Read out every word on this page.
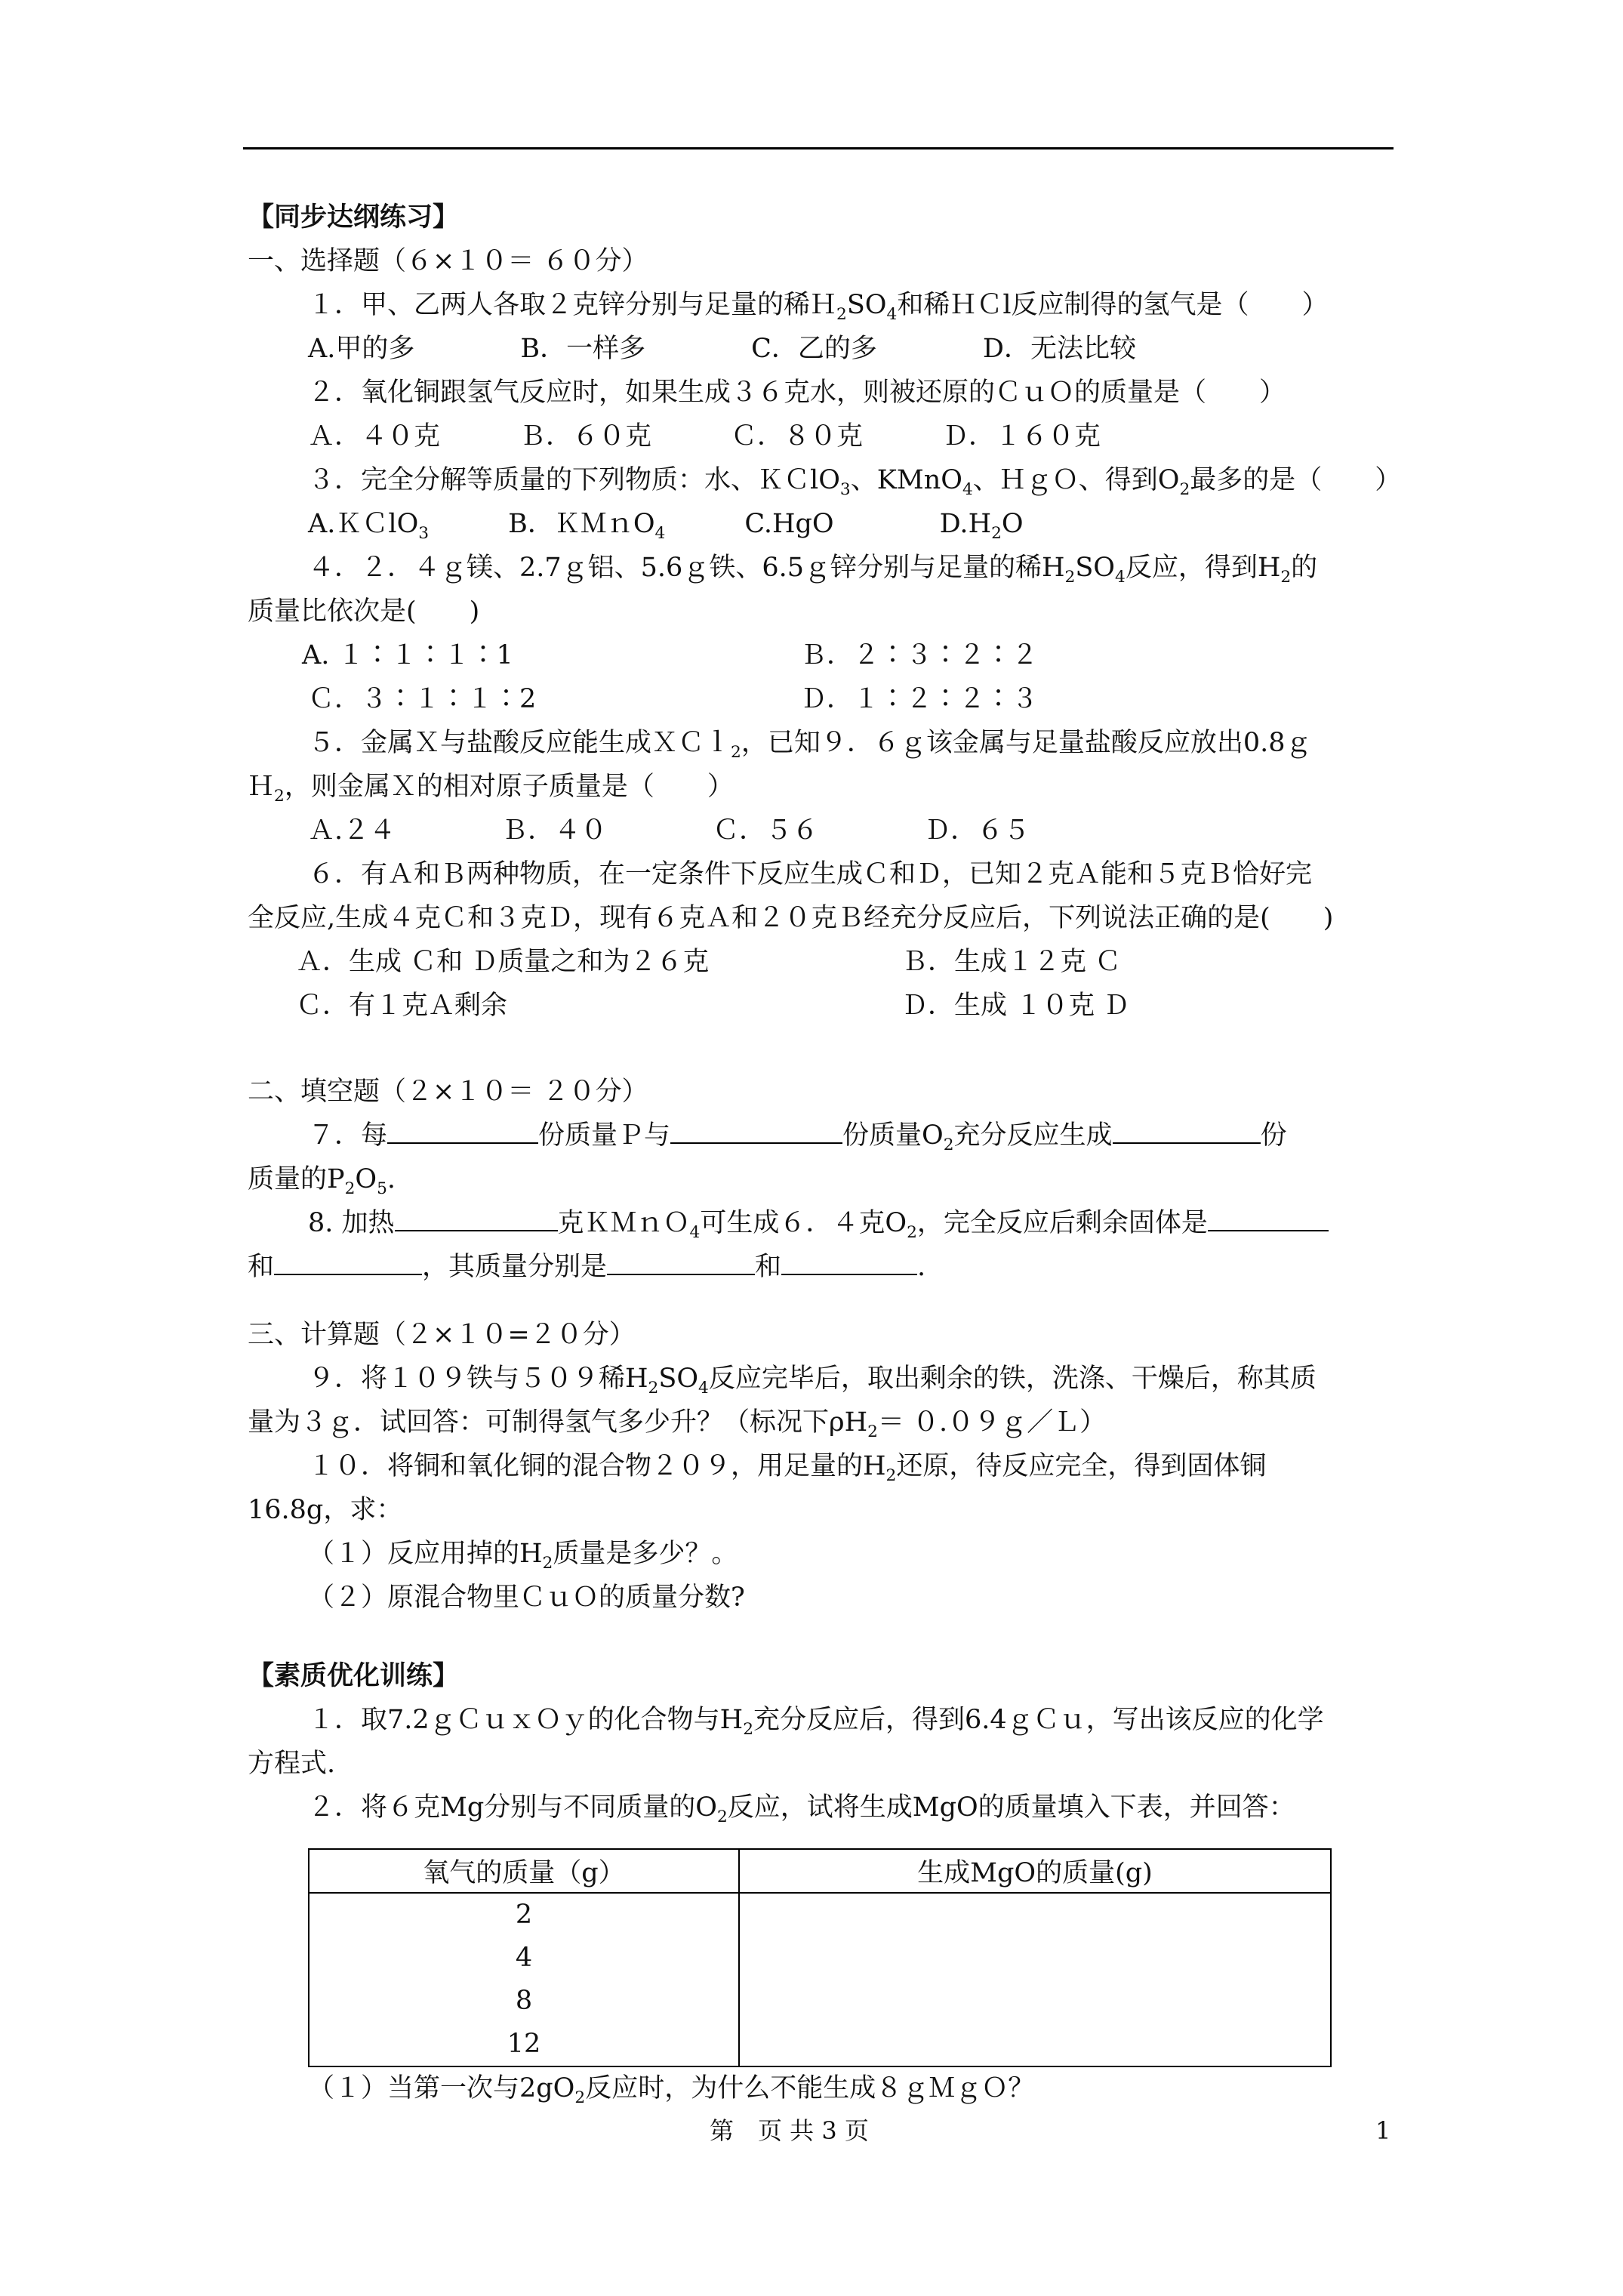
【同步达纲练习】
一、选择题（６×１０＝ ６０分）
１．甲、乙两人各取２克锌分别与足量的稀$H_2SO_4$和稀ＨＣl反应制得的氢气是（　　）
A.甲的多　　　　B．一样多　　　　C．乙的多　　　　D．无法比较
２．氧化铜跟氢气反应时，如果生成３６克水，则被还原的ＣｕＯ的质量是（　　）
Ａ．４０克　　　Ｂ．６０克　　　Ｃ．８０克　　　Ｄ．１６０克
３．完全分解等质量的下列物质：水、ＫＣlO$_3$、KMnO$_4$、ＨｇＯ、得到$O_2$最多的是（　　）
A.ＫＣlO$_3$　　　B．ＫＭｎO$_4$　　　C.HgO　　　　$D.H_2O$
４．２．４ｇ镁、2.7ｇ铝、5.6ｇ铁、6.5ｇ锌分别与足量的稀$H_2SO_4$反应，得到$H_2$的
质量比依次是(　　)
A. １∶１∶１∶1	Ｂ．２∶３∶２∶２
Ｃ．３∶１∶１∶2	Ｄ．１∶２∶２∶３
５．金属Ｘ与盐酸反应能生成ＸＣｌ$_2$，已知９．６ｇ该金属与足量盐酸反应放出0.8ｇ
Ｈ$_2$，则金属Ｘ的相对原子质量是（　　）
Ａ.２４　　　　Ｂ．４０　　　　Ｃ．５６　　　　Ｄ．６５
６．有Ａ和Ｂ两种物质，在一定条件下反应生成Ｃ和Ｄ，已知２克Ａ能和５克Ｂ恰好完
全反应,生成４克Ｃ和３克Ｄ，现有６克Ａ和２０克Ｂ经充分反应后，下列说法正确的是(　　)
Ａ．生成 Ｃ和 Ｄ质量之和为２６克	Ｂ．生成１２克 Ｃ
Ｃ．有１克Ａ剩余	Ｄ．生成 １０克 Ｄ
二、填空题（２×１０＝ ２０分）
７．每	份质量Ｐ与	份质量$O_2$充分反应生成	份
质量的$P_2O_5$.
8. 加热	克ＫＭｎＯ$_4$可生成６．４克$O_2$，完全反应后剩余固体是
和	，其质量分别是	和	.
三、计算题（２×１０=２０分）
９．将１０９铁与５０９稀$H_2SO_4$反应完毕后，取出剩余的铁，洗涤、干燥后，称其质
量为３ｇ．试回答：可制得氢气多少升？（标况下$\rho H_2=$ ０.０９ｇ／Ｌ）
１０．将铜和氧化铜的混合物２０９，用足量的$H_2$还原，待反应完全，得到固体铜
16.8g，求：
（１）反应用掉的$H_2$质量是多少？。
（２）原混合物里ＣｕＯ的质量分数?
【素质优化训练】
１．取7.2ｇＣｕｘＯｙ的化合物与$H_2$充分反应后，得到6.4ｇＣｕ，写出该反应的化学
方程式.
２．将６克Mg分别与不同质量的$O_2$反应，试将生成MgO的质量填入下表，并回答：
氧气的质量（g）	生成MgO的质量(g)

2
4
8
12	

（１）当第一次与$2gO_2$反应时，为什么不能生成８ｇＭｇＯ？
第　页 共 3 页	1
